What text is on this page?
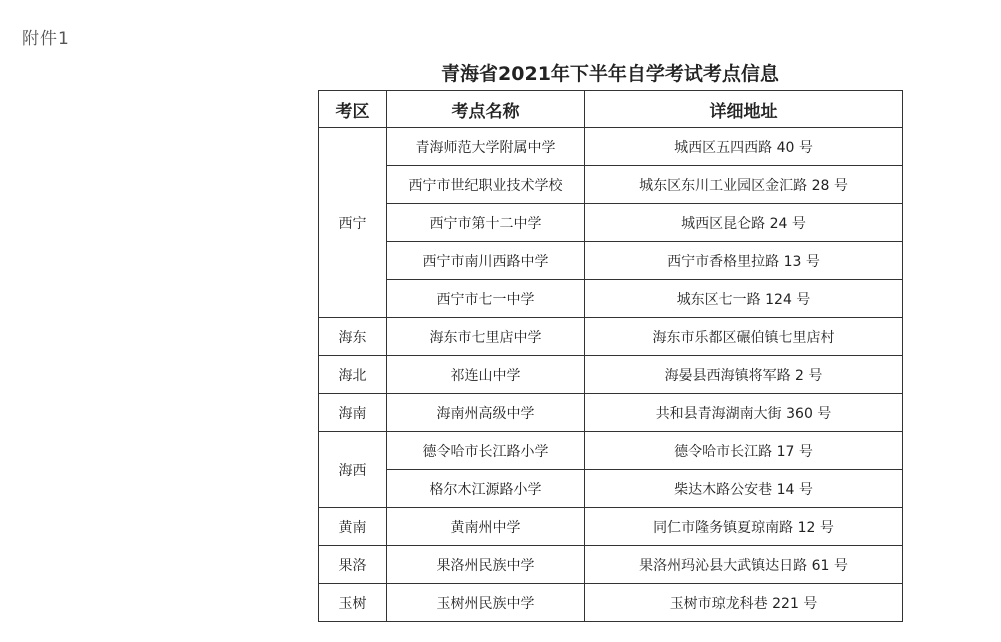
附件1
青海省2021年下半年自学考试考点信息
考区	考点名称	详细地址
西宁	青海师范大学附属中学	城西区五四西路 40 号
	西宁市世纪职业技术学校	城东区东川工业园区金汇路 28 号
	西宁市第十二中学	城西区昆仑路 24 号
	西宁市南川西路中学	西宁市香格里拉路 13 号
	西宁市七一中学	城东区七一路 124 号
海东	海东市七里店中学	海东市乐都区碾伯镇七里店村
海北	祁连山中学	海晏县西海镇将军路 2 号
海南	海南州高级中学	共和县青海湖南大街 360 号
海西	德令哈市长江路小学	德令哈市长江路 17 号
	格尔木江源路小学	柴达木路公安巷 14 号
黄南	黄南州中学	同仁市隆务镇夏琼南路 12 号
果洛	果洛州民族中学	果洛州玛沁县大武镇达日路 61 号
玉树	玉树州民族中学	玉树市琼龙科巷 221 号
